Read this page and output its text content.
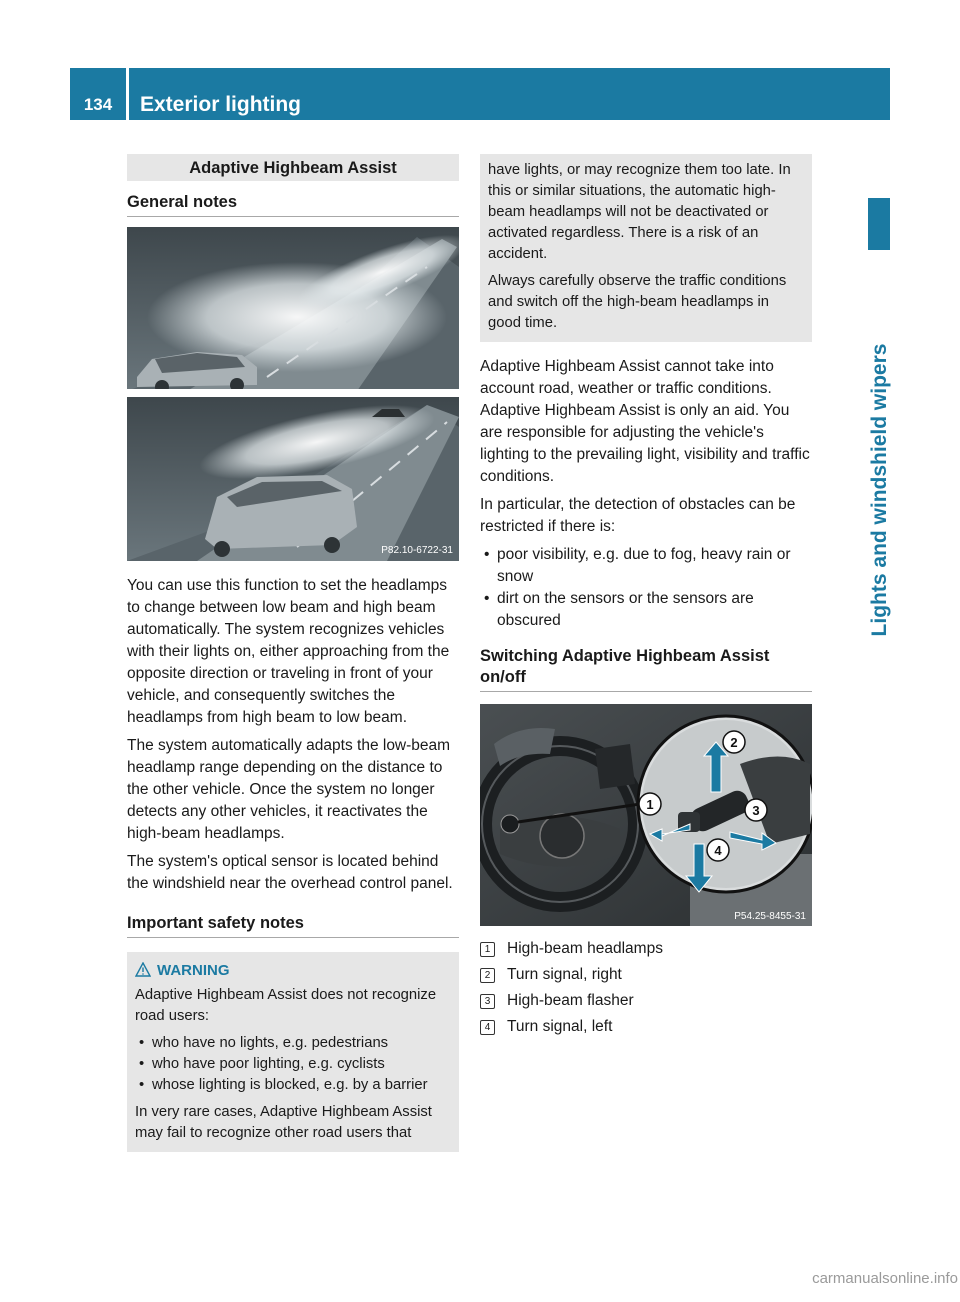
134	Exterior lighting
Lights and windshield wipers
Adaptive Highbeam Assist
General notes
P82.10-6722-31

You can use this function to set the headlamps to change between low beam and high beam automatically. The system recognizes vehicles with their lights on, either approaching from the opposite direction or traveling in front of your vehicle, and consequently switches the headlamps from high beam to low beam.

The system automatically adapts the low-beam headlamp range depending on the distance to the other vehicle. Once the system no longer detects any other vehicles, it reactivates the high-beam headlamps.

The system's optical sensor is located behind the windshield near the overhead control panel.

Important safety notes
WARNING

Adaptive Highbeam Assist does not recognize road users:

• who have no lights, e.g. pedestrians
• who have poor lighting, e.g. cyclists
• whose lighting is blocked, e.g. by a barrier

In very rare cases, Adaptive Highbeam Assist may fail to recognize other road users that

have lights, or may recognize them too late. In this or similar situations, the automatic high-beam headlamps will not be deactivated or activated regardless. There is a risk of an accident.

Always carefully observe the traffic conditions and switch off the high-beam headlamps in good time.

Adaptive Highbeam Assist cannot take into account road, weather or traffic conditions. Adaptive Highbeam Assist is only an aid. You are responsible for adjusting the vehicle's lighting to the prevailing light, visibility and traffic conditions.

In particular, the detection of obstacles can be restricted if there is:

• poor visibility, e.g. due to fog, heavy rain or snow
• dirt on the sensors or the sensors are obscured
Switching Adaptive Highbeam Assist on/off
1
2
3
4
P54.25-8455-31
1	High-beam headlamps
2	Turn signal, right
3	High-beam flasher
4	Turn signal, left
carmanualsonline.info
